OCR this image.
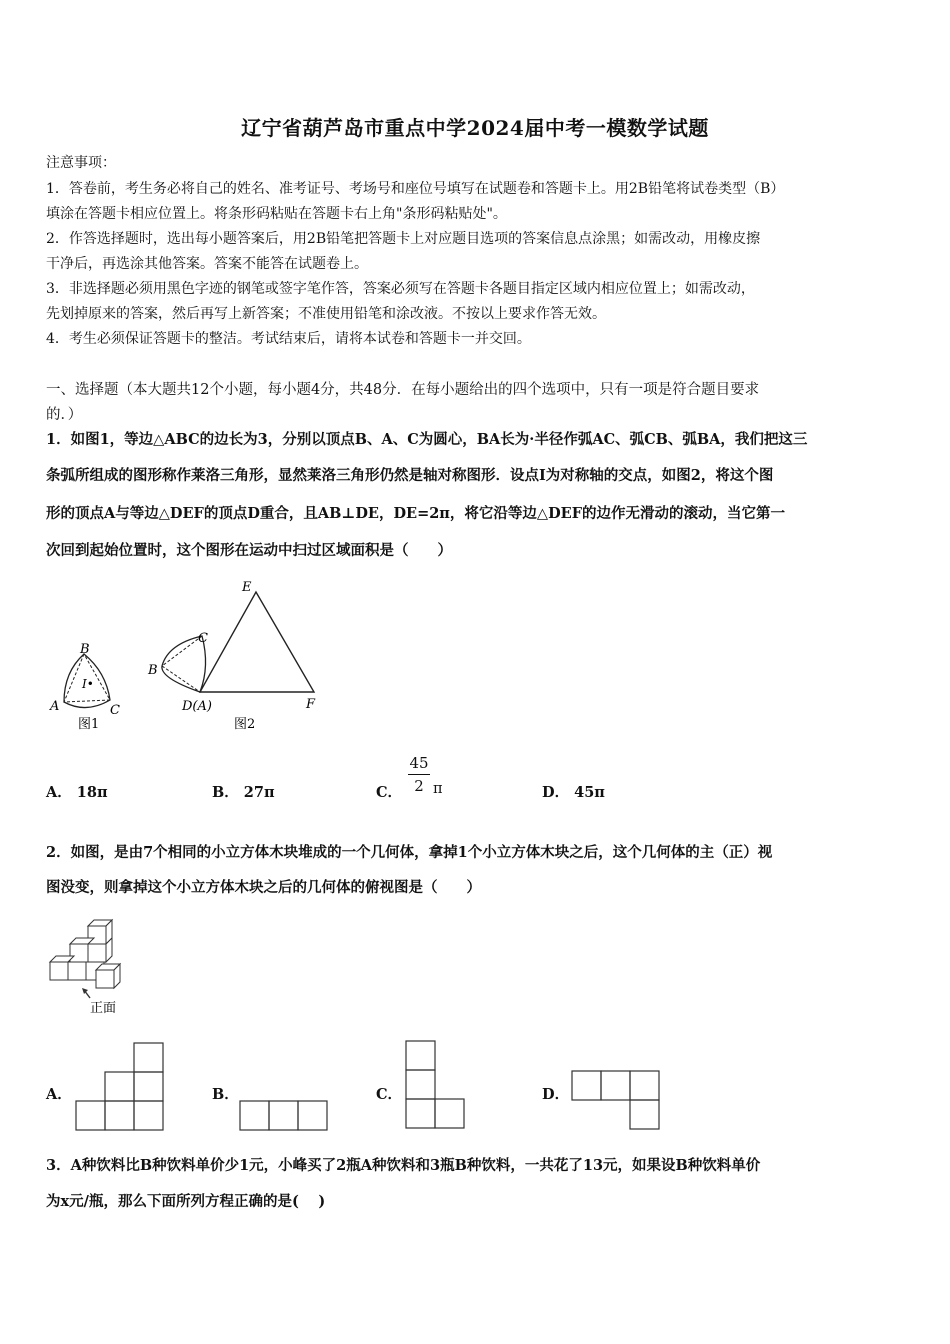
辽宁省葫芦岛市重点中学2024届中考一模数学试题
注意事项：
1．答卷前，考生务必将自己的姓名、准考证号、考场号和座位号填写在试题卷和答题卡上。用2B铅笔将试卷类型（B）
填涂在答题卡相应位置上。将条形码粘贴在答题卡右上角"条形码粘贴处"。
2．作答选择题时，选出每小题答案后，用2B铅笔把答题卡上对应题目选项的答案信息点涂黑；如需改动，用橡皮擦
干净后，再选涂其他答案。答案不能答在试题卷上。
3．非选择题必须用黑色字迹的钢笔或签字笔作答，答案必须写在答题卡各题目指定区域内相应位置上；如需改动，
先划掉原来的答案，然后再写上新答案；不准使用铅笔和涂改液。不按以上要求作答无效。
4．考生必须保证答题卡的整洁。考试结束后，请将本试卷和答题卡一并交回。
一、选择题（本大题共12个小题，每小题4分，共48分．在每小题给出的四个选项中，只有一项是符合题目要求
的．）
1．如图1，等边△ABC的边长为3，分别以顶点B、A、C为圆心，BA长为·半径作弧AC、弧CB、弧BA，我们把这三
条弧所组成的图形称作莱洛三角形，显然莱洛三角形仍然是轴对称图形．设点I为对称轴的交点，如图2，将这个图
形的顶点A与等边△DEF的顶点D重合，且AB⊥DE，DE=2π，将它沿等边△DEF的边作无滑动的滚动，当它第一
次回到起始位置时，这个图形在运动中扫过区域面积是（　　）
B
I•
A	C
图1
E
C
B
D(A)	F
图2
A． 18π	B． 27π	C．
45
2 π	D． 45π
2．如图，是由7个相同的小立方体木块堆成的一个几何体，拿掉1个小立方体木块之后，这个几何体的主（正）视
图没变，则拿掉这个小立方体木块之后的几何体的俯视图是（　　）
正面
A．	B．	C．	D．
3．A种饮料比B种饮料单价少1元，小峰买了2瓶A种饮料和3瓶B种饮料，一共花了13元，如果设B种饮料单价
为x元/瓶，那么下面所列方程正确的是(　 )
